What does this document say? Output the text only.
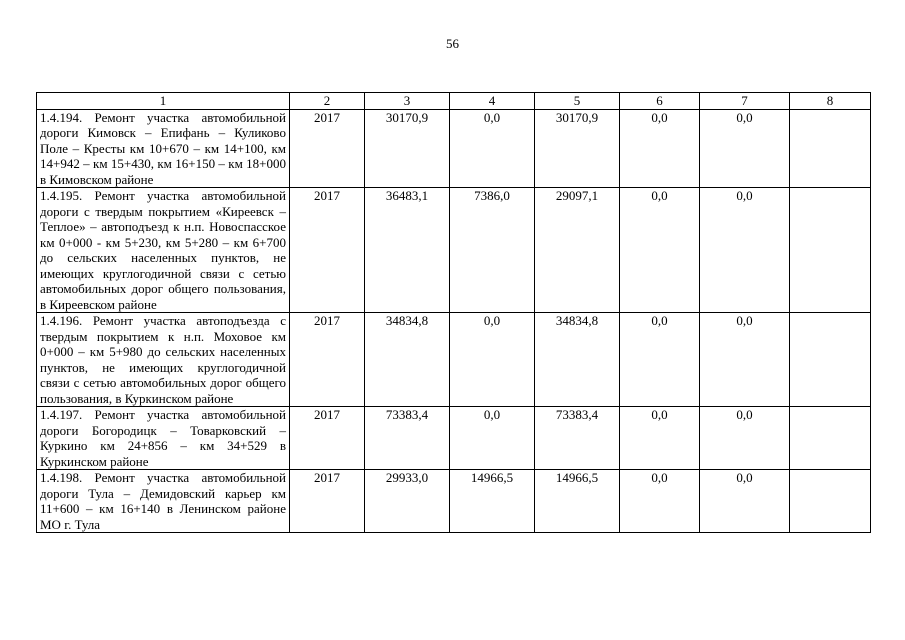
56
1	2	3	4	5	6	7	8
1.4.194. Ремонт участка автомобильной дороги Кимовск – Епифань – Куликово Поле – Кресты км 10+670 – км 14+100, км 14+942 – км 15+430, км 16+150 – км 18+000 в Кимовском районе	2017	30170,9	0,0	30170,9	0,0	0,0	
1.4.195. Ремонт участка автомобильной дороги с твердым покрытием «Киреевск – Теплое» – автоподъезд к н.п. Новоспасское км 0+000 - км 5+230, км 5+280 – км 6+700 до сельских населенных пунктов, не имеющих круглогодичной связи с сетью автомобильных дорог общего пользования, в Киреевском районе	2017	36483,1	7386,0	29097,1	0,0	0,0	
1.4.196. Ремонт участка автоподъезда с твердым покрытием к н.п. Моховое км 0+000 – км 5+980 до сельских населенных пунктов, не имеющих круглогодичной связи с сетью автомобильных дорог общего пользования, в Куркинском районе	2017	34834,8	0,0	34834,8	0,0	0,0	
1.4.197. Ремонт участка автомобильной дороги Богородицк – Товарковский – Куркино км 24+856 – км 34+529 в Куркинском районе	2017	73383,4	0,0	73383,4	0,0	0,0	
1.4.198. Ремонт участка автомобильной дороги Тула – Демидовский карьер км 11+600 – км 16+140 в Ленинском районе МО г. Тула	2017	29933,0	14966,5	14966,5	0,0	0,0	
